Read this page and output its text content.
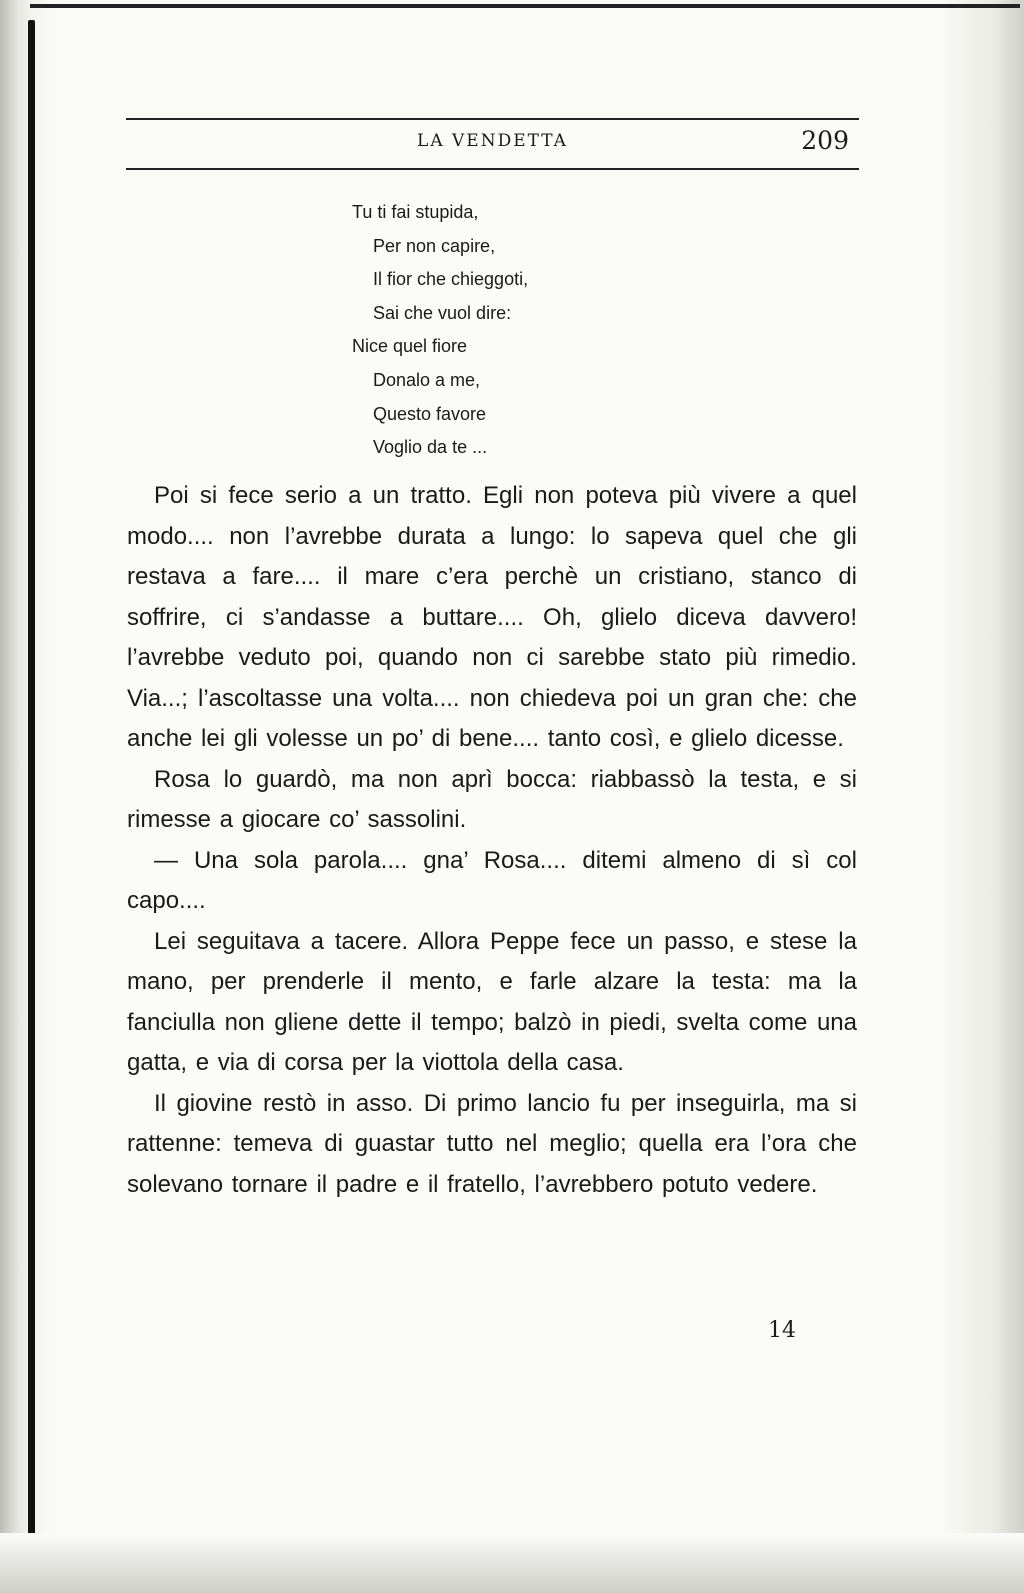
LA VENDETTA	209
Tu ti fai stupida,
Per non capire,
Il fior che chieggoti,
Sai che vuol dire:
Nice quel fiore
Donalo a me,
Questo favore
Voglio da te ...

Poi si fece serio a un tratto. Egli non poteva più vivere a quel modo.... non l’avrebbe durata a lungo: lo sapeva quel che gli restava a fare.... il mare c’era perchè un cristiano, stanco di soffrire, ci s’andasse a buttare.... Oh, glielo diceva davvero! l’avrebbe veduto poi, quando non ci sarebbe stato più rimedio. Via...; l’ascoltasse una volta.... non chiedeva poi un gran che: che anche lei gli volesse un po’ di bene.... tanto così, e glielo dicesse.

Rosa lo guardò, ma non aprì bocca: riabbassò la testa, e si rimesse a giocare co’ sassolini.

— Una sola parola.... gna’ Rosa.... ditemi almeno di sì col capo....

Lei seguitava a tacere. Allora Peppe fece un passo, e stese la mano, per prenderle il mento, e farle alzare la testa: ma la fanciulla non gliene dette il tempo; balzò in piedi, svelta come una gatta, e via di corsa per la viottola della casa.

Il giovine restò in asso. Di primo lancio fu per inseguirla, ma si rattenne: temeva di guastar tutto nel meglio; quella era l’ora che solevano tornare il padre e il fratello, l’avrebbero potuto vedere.

14
